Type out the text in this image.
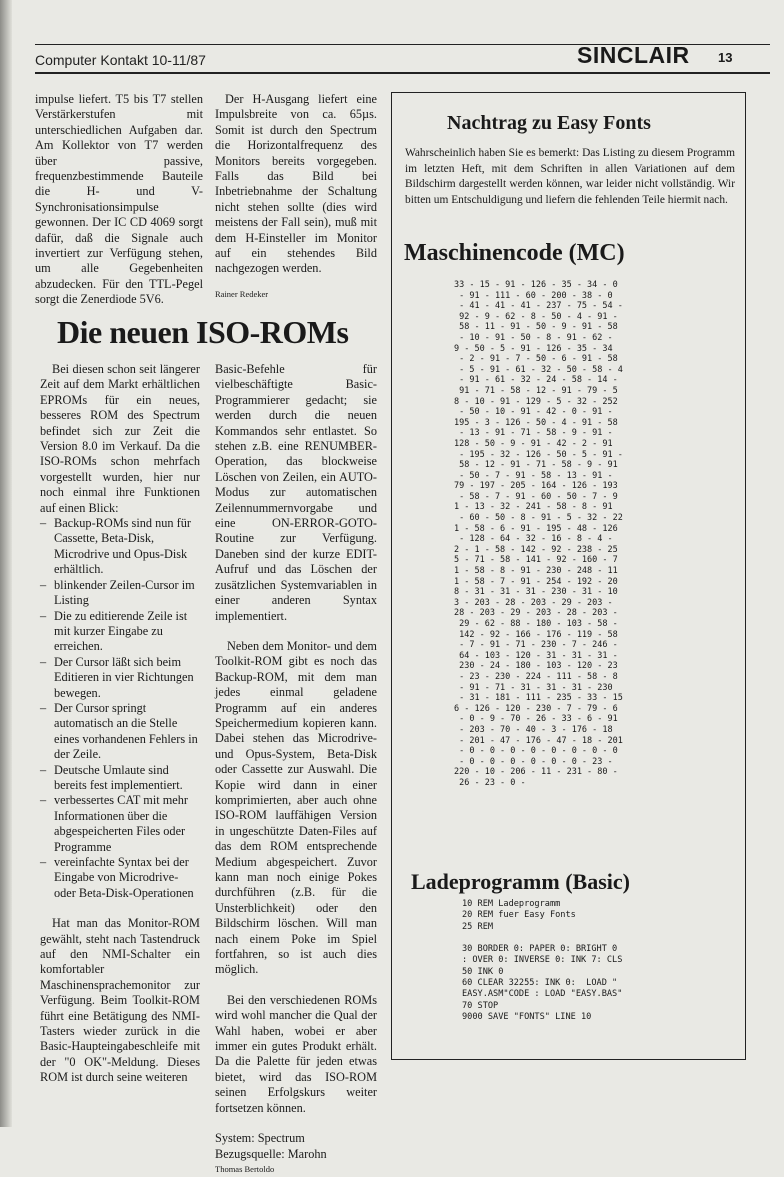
Computer Kontakt 10-11/87	SINCLAIR 13

impulse liefert. T5 bis T7 stellen Verstärkerstufen mit unterschiedlichen Aufgaben dar. Am Kollektor von T7 werden über passive, frequenzbestimmende Bauteile die H- und V-Synchronisationsimpulse gewonnen. Der IC CD 4069 sorgt dafür, daß die Signale auch invertiert zur Verfügung stehen, um alle Gegebenheiten abzudecken. Für den TTL-Pegel sorgt die Zenerdiode 5V6.

Der H-Ausgang liefert eine Impulsbreite von ca. 65µs. Somit ist durch den Spectrum die Horizontalfrequenz des Monitors bereits vorgegeben. Falls das Bild bei Inbetriebnahme der Schaltung nicht stehen sollte (dies wird meistens der Fall sein), muß mit dem H-Einsteller im Monitor auf ein stehendes Bild nachgezogen werden.

Rainer Redeker

Die neuen ISO-ROMs

Bei diesen schon seit längerer Zeit auf dem Markt erhältlichen EPROMs für ein neues, besseres ROM des Spectrum befindet sich zur Zeit die Version 8.0 im Verkauf. Da die ISO-ROMs schon mehrfach vorgestellt wurden, hier nur noch einmal ihre Funktionen auf einen Blick:

– Backup-ROMs sind nun für Cassette, Beta-Disk, Microdrive und Opus-Disk erhältlich.
– blinkender Zeilen-Cursor im Listing
– Die zu editierende Zeile ist mit kurzer Eingabe zu erreichen.
– Der Cursor läßt sich beim Editieren in vier Richtungen bewegen.
– Der Cursor springt automatisch an die Stelle eines vorhandenen Fehlers in der Zeile.
– Deutsche Umlaute sind bereits fest implementiert.
– verbessertes CAT mit mehr Informationen über die abgespeicherten Files oder Programme
– vereinfachte Syntax bei der Eingabe von Microdrive- oder Beta-Disk-Operationen

Hat man das Monitor-ROM gewählt, steht nach Tastendruck auf den NMI-Schalter ein komfortabler Maschinensprachemonitor zur Verfügung. Beim Toolkit-ROM führt eine Betätigung des NMI-Tasters wieder zurück in die Basic-Haupteingabeschleife mit der "0 OK"-Meldung. Dieses ROM ist durch seine weiteren

Basic-Befehle für vielbeschäftigte Basic-Programmierer gedacht; sie werden durch die neuen Kommandos sehr entlastet. So stehen z.B. eine RENUMBER-Operation, das blockweise Löschen von Zeilen, ein AUTO-Modus zur automatischen Zeilennummernvorgabe und eine ON-ERROR-GOTO-Routine zur Verfügung. Daneben sind der kurze EDIT-Aufruf und das Löschen der zusätzlichen Systemvariablen in einer anderen Syntax implementiert.

Neben dem Monitor- und dem Toolkit-ROM gibt es noch das Backup-ROM, mit dem man jedes einmal geladene Programm auf ein anderes Speichermedium kopieren kann. Dabei stehen das Microdrive- und Opus-System, Beta-Disk oder Cassette zur Auswahl. Die Kopie wird dann in einer komprimierten, aber auch ohne ISO-ROM lauffähigen Version in ungeschützte Daten-Files auf das dem ROM entsprechende Medium abgespeichert. Zuvor kann man noch einige Pokes durchführen (z.B. für die Unsterblichkeit) oder den Bildschirm löschen. Will man nach einem Poke im Spiel fortfahren, so ist auch dies möglich.

Bei den verschiedenen ROMs wird wohl mancher die Qual der Wahl haben, wobei er aber immer ein gutes Produkt erhält. Da die Palette für jeden etwas bietet, wird das ISO-ROM seinen Erfolgskurs weiter fortsetzen können.

System: Spectrum

Bezugsquelle: Marohn

Thomas Bertoldo

Nachtrag zu Easy Fonts
Wahrscheinlich haben Sie es bemerkt: Das Listing zu diesem Programm im letzten Heft, mit dem Schriften in allen Variationen auf dem Bildschirm dargestellt werden können, war leider nicht vollständig. Wir bitten um Entschuldigung und liefern die fehlenden Teile hiermit nach.
Maschinencode (MC)
33 - 15 - 91 - 126 - 35 - 34 - 0
- 91 - 111 - 60 - 200 - 38 - 0
- 41 - 41 - 41 - 237 - 75 - 54 -
92 - 9 - 62 - 8 - 50 - 4 - 91 -
58 - 11 - 91 - 50 - 9 - 91 - 58
- 10 - 91 - 50 - 8 - 91 - 62 -
9 - 50 - 5 - 91 - 126 - 35 - 34
- 2 - 91 - 7 - 50 - 6 - 91 - 58
- 5 - 91 - 61 - 32 - 50 - 58 - 4
- 91 - 61 - 32 - 24 - 58 - 14 -
91 - 71 - 58 - 12 - 91 - 79 - 5
8 - 10 - 91 - 129 - 5 - 32 - 252
- 50 - 10 - 91 - 42 - 0 - 91 -
195 - 3 - 126 - 50 - 4 - 91 - 58
- 13 - 91 - 71 - 58 - 9 - 91 -
128 - 50 - 9 - 91 - 42 - 2 - 91
- 195 - 32 - 126 - 50 - 5 - 91 -
58 - 12 - 91 - 71 - 58 - 9 - 91
- 50 - 7 - 91 - 58 - 13 - 91 -
79 - 197 - 205 - 164 - 126 - 193
- 58 - 7 - 91 - 60 - 50 - 7 - 9
1 - 13 - 32 - 241 - 58 - 8 - 91
- 60 - 50 - 8 - 91 - 5 - 32 - 22
1 - 58 - 6 - 91 - 195 - 48 - 126
- 128 - 64 - 32 - 16 - 8 - 4 -
2 - 1 - 58 - 142 - 92 - 238 - 25
5 - 71 - 58 - 141 - 92 - 160 - 7
1 - 58 - 8 - 91 - 230 - 248 - 11
1 - 58 - 7 - 91 - 254 - 192 - 20
8 - 31 - 31 - 31 - 230 - 31 - 10
3 - 203 - 28 - 203 - 29 - 203 -
28 - 203 - 29 - 203 - 28 - 203 -
29 - 62 - 88 - 180 - 103 - 58 -
142 - 92 - 166 - 176 - 119 - 58
- 7 - 91 - 71 - 230 - 7 - 246 -
64 - 103 - 120 - 31 - 31 - 31 -
230 - 24 - 180 - 103 - 120 - 23
- 23 - 230 - 224 - 111 - 58 - 8
- 91 - 71 - 31 - 31 - 31 - 230
- 31 - 181 - 111 - 235 - 33 - 15
6 - 126 - 120 - 230 - 7 - 79 - 6
- 0 - 9 - 70 - 26 - 33 - 6 - 91
- 203 - 70 - 40 - 3 - 176 - 18
- 201 - 47 - 176 - 47 - 18 - 201
- 0 - 0 - 0 - 0 - 0 - 0 - 0 - 0
- 0 - 0 - 0 - 0 - 0 - 0 - 23 -
220 - 10 - 206 - 11 - 231 - 80 -
26 - 23 - 0 -
Ladeprogramm (Basic)
10 REM Ladeprogramm
20 REM fuer Easy Fonts
25 REM

30 BORDER 0: PAPER 0: BRIGHT 0
: OVER 0: INVERSE 0: INK 7: CLS
50 INK 0
60 CLEAR 32255: INK 0:  LOAD "
EASY.ASM"CODE : LOAD "EASY.BAS"
70 STOP
9000 SAVE "FONTS" LINE 10
